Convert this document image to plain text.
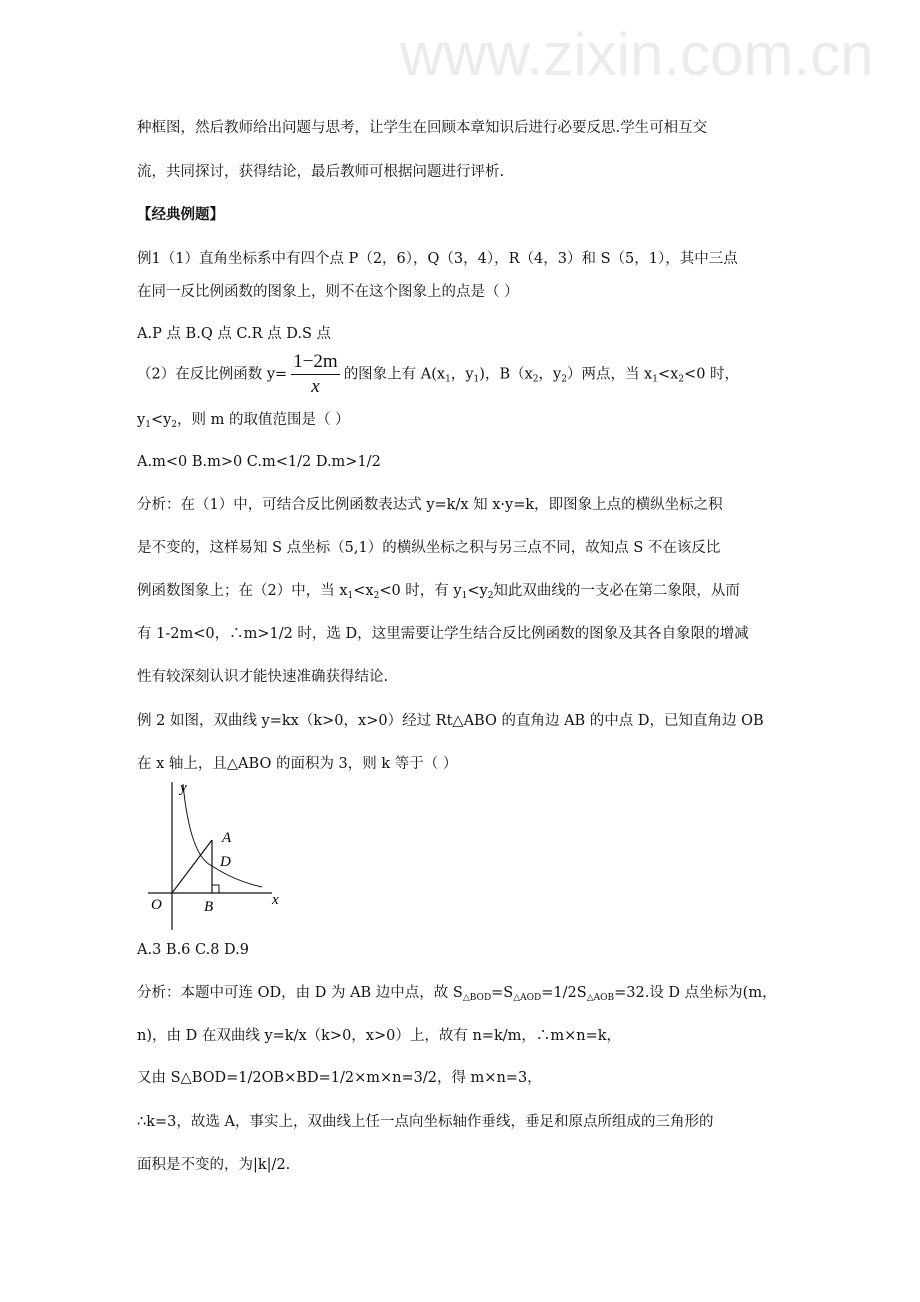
www.zixin.com.cn
种框图，然后教师给出问题与思考，让学生在回顾本章知识后进行必要反思.学生可相互交
流，共同探讨，获得结论，最后教师可根据问题进行评析.
【经典例题】
例1（1）直角坐标系中有四个点 P（2，6），Q（3，4），R（4，3）和 S（5，1），其中三点
在同一反比例函数的图象上，则不在这个图象上的点是（ ）
A.P 点 B.Q 点 C.R 点 D.S 点
（2）在反比例函数 $y= \frac{1-2m}{x}$ 的图象上有 $A(x_1$，$y_1$)，$B(x_2$，$y_2$）两点，当 $x_1<x_2<0$ 时，
$y_1<y_2$，则 m 的取值范围是（ ）
A.m<0 B.m>0 C.m<1/2 D.m>1/2
分析：在（1）中，可结合反比例函数表达式 y=k/x 知 x·y=k，即图象上点的横纵坐标之积
是不变的，这样易知 S 点坐标（5,1）的横纵坐标之积与另三点不同，故知点 S 不在该反比
例函数图象上；在（2）中，当 $x_1<x_2<0$ 时，有 $y_1<y_2$知此双曲线的一支必在第二象限，从而
有 1-2m<0，∴m>1/2 时，选 D，这里需要让学生结合反比例函数的图象及其各自象限的增减
性有较深刻认识才能快速准确获得结论.
例 2 如图，双曲线 y=kx（k>0，x>0）经过 Rt△ABO 的直角边 AB 的中点 D，已知直角边 OB
在 x 轴上，且△ABO 的面积为 3，则 k 等于（ ）
A.3 B.6 C.8 D.9
分析：本题中可连 OD，由 D 为 AB 边中点，故 $S_{\triangle BOD}=S_{\triangle AOD}=1/2S_{\triangle AOB}=32$.设 D 点坐标为(m，
n)，由 D 在双曲线 y=k/x（k>0，x>0）上，故有 n=k/m，∴m×n=k，
又由 S△BOD=1/2OB×BD=1/2×m×n=3/2，得 m×n=3，
∴k=3，故选 A，事实上，双曲线上任一点向坐标轴作垂线，垂足和原点所组成的三角形的
面积是不变的，为|k|/2.
y
A
D
O	B	x
